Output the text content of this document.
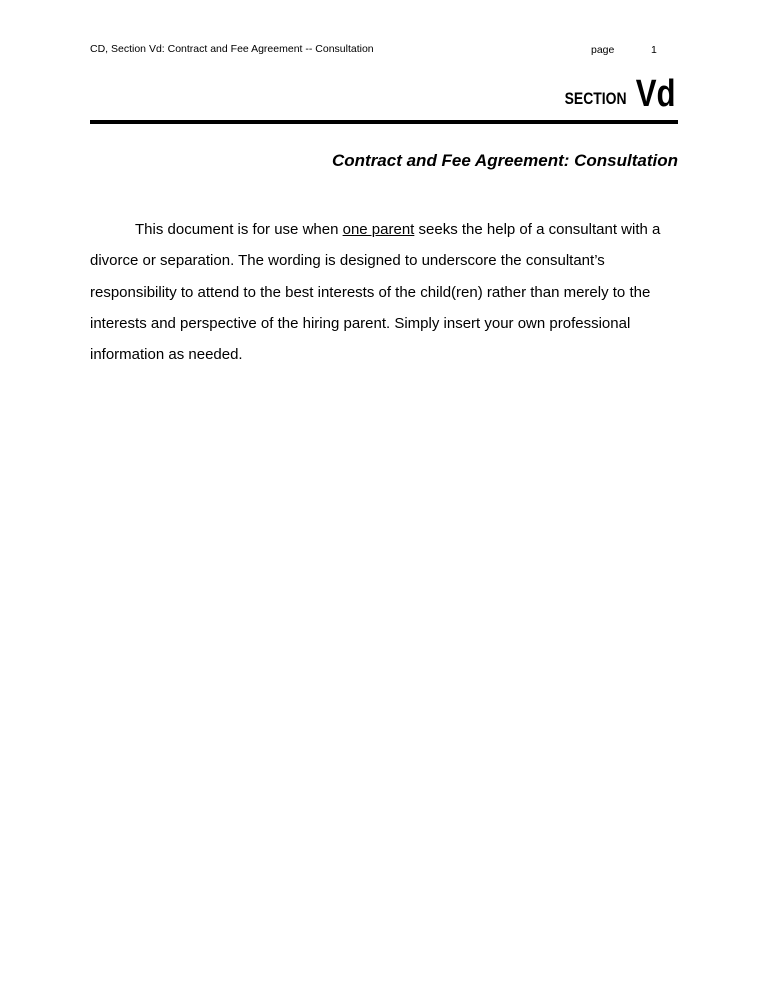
CD, Section Vd: Contract and Fee Agreement -- Consultation	page	1
SECTION Vd
Contract and Fee Agreement: Consultation

This document is for use when one parent seeks the help of a consultant with a
divorce or separation. The wording is designed to underscore the consultant’s
responsibility to attend to the best interests of the child(ren) rather than merely to the
interests and perspective of the hiring parent. Simply insert your own professional
information as needed.
